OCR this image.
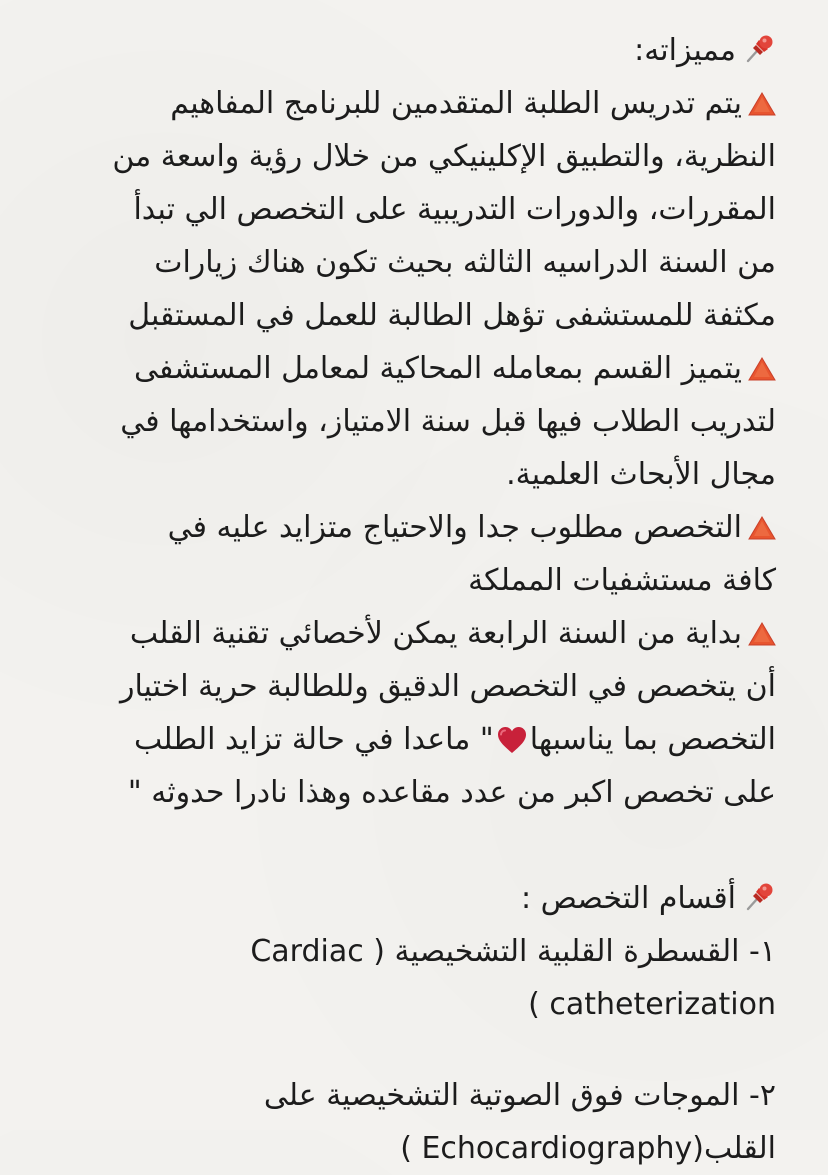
مميزاته:
يتم تدريس الطلبة المتقدمين للبرنامج المفاهيم
النظرية، والتطبيق الإكلينيكي من خلال رؤية واسعة من
المقررات، والدورات التدريبية على التخصص الي تبدأ
من السنة الدراسيه الثالثه بحيث تكون هناك زيارات
مكثفة للمستشفى تؤهل الطالبة للعمل في المستقبل
يتميز القسم بمعامله المحاكية لمعامل المستشفى
لتدريب الطلاب فيها قبل سنة الامتياز، واستخدامها في
مجال الأبحاث العلمية.
التخصص مطلوب جدا والاحتياج متزايد عليه في
كافة مستشفيات المملكة
بداية من السنة الرابعة يمكن لأخصائي تقنية القلب
أن يتخصص في التخصص الدقيق وللطالبة حرية اختيار
التخصص بما يناسبها" ماعدا في حالة تزايد الطلب
على تخصص اكبر من عدد مقاعده وهذا نادرا حدوثه "
أقسام التخصص :
١- القسطرة القلبية التشخيصية ( Cardiac
catheterization )
٢- الموجات فوق الصوتية التشخيصية على
القلب(Echocardiography )
